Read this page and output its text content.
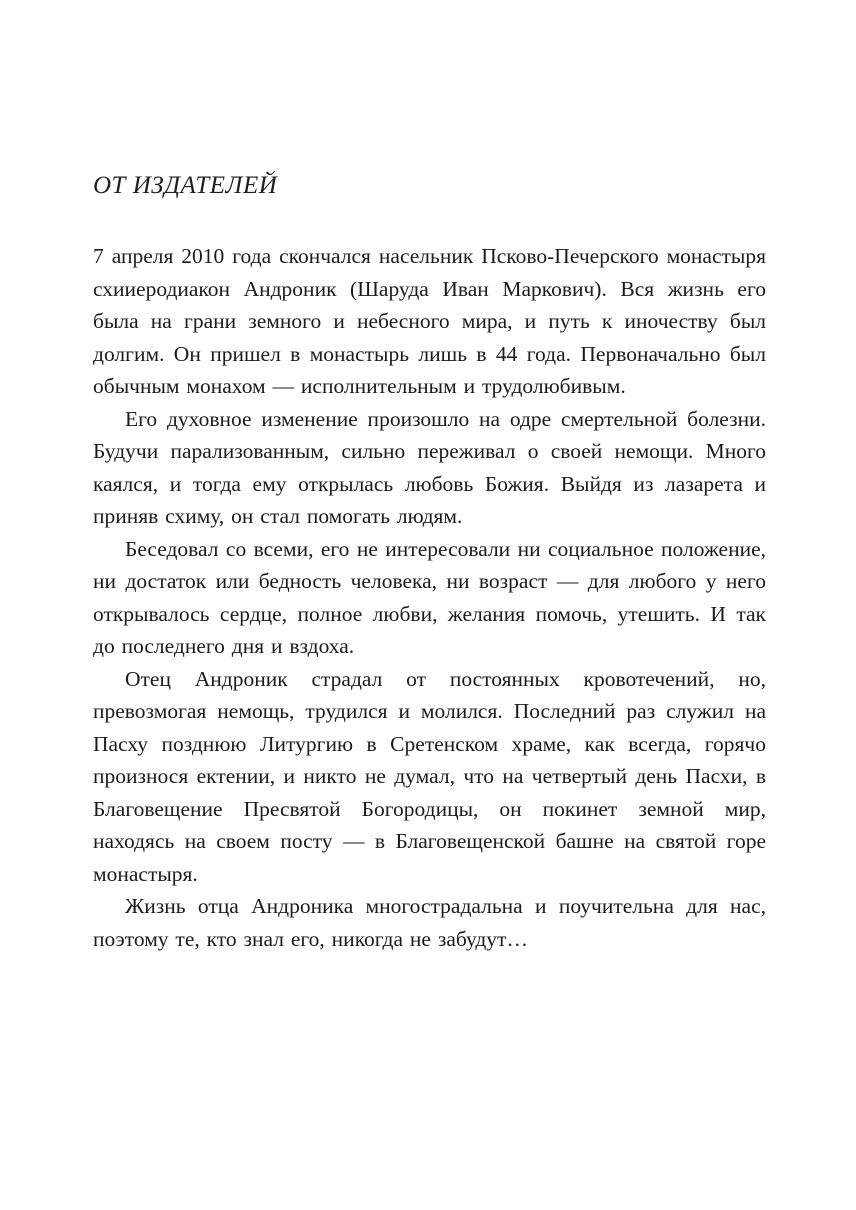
ОТ ИЗДАТЕЛЕЙ

7 апреля 2010 года скончался насельник Псково-Печерского монастыря схииеродиакон Андроник (Шаруда Иван Маркович). Вся жизнь его была на грани земного и небесного мира, и путь к иночеству был долгим. Он пришел в монастырь лишь в 44 года. Первоначально был обычным монахом — исполнительным и трудолюбивым.

Его духовное изменение произошло на одре смертельной болезни. Будучи парализованным, сильно переживал о своей немощи. Много каялся, и тогда ему открылась любовь Божия. Выйдя из лазарета и приняв схиму, он стал помогать людям.

Беседовал со всеми, его не интересовали ни социальное положение, ни достаток или бедность человека, ни возраст — для любого у него открывалось сердце, полное любви, желания помочь, утешить. И так до последнего дня и вздоха.

Отец Андроник страдал от постоянных кровотечений, но, превозмогая немощь, трудился и молился. Последний раз служил на Пасху позднюю Литургию в Сретенском храме, как всегда, горячо произнося ектении, и никто не думал, что на четвертый день Пасхи, в Благовещение Пресвятой Богородицы, он покинет земной мир, находясь на своем посту — в Благовещенской башне на святой горе монастыря.

Жизнь отца Андроника многострадальна и поучительна для нас, поэтому те, кто знал его, никогда не забудут…
